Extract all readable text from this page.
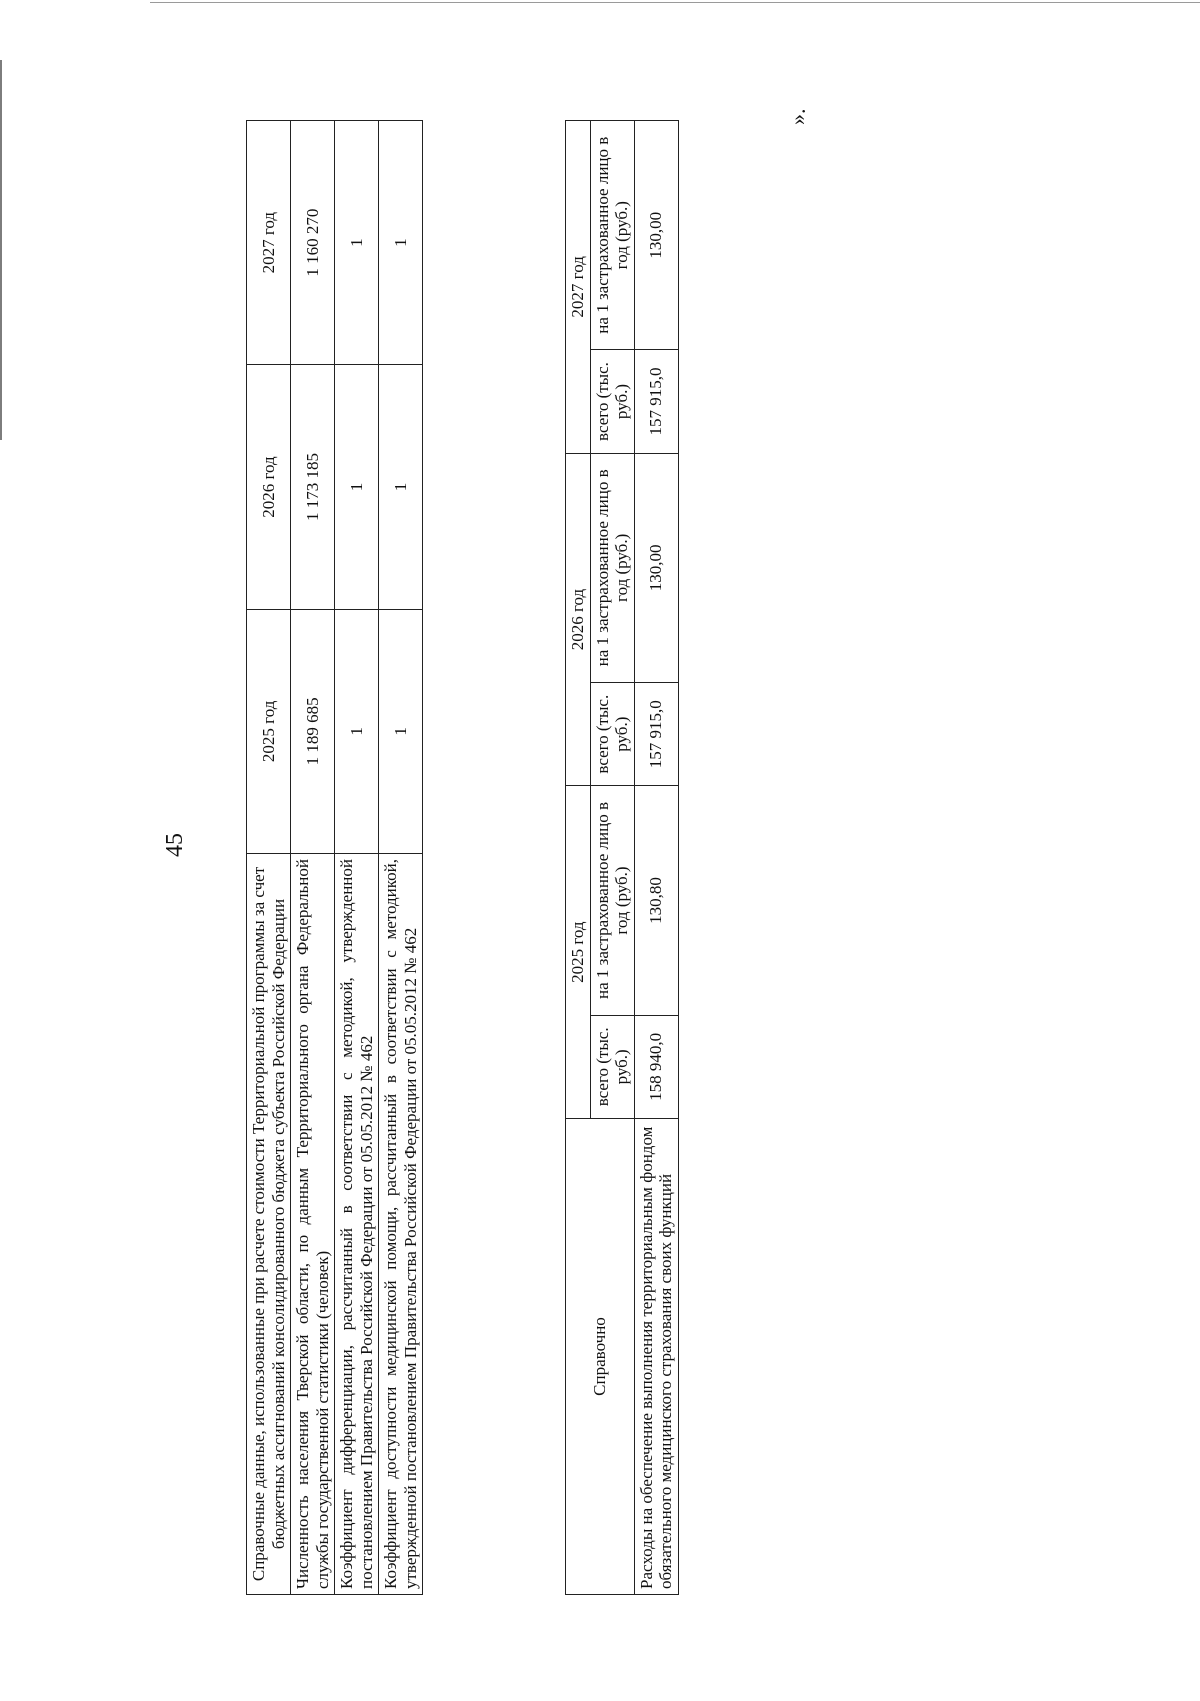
45
Справочные данные, использованные при расчете стоимости Территориальной программы за счет бюджетных ассигнований консолидированного бюджета субъекта Российской Федерации	2025 год	2026 год	2027 год
Численность населения Тверской области, по данным Территориального органа Федеральной службы государственной статистики (человек)	1 189 685	1 173 185	1 160 270
Коэффициент дифференциации, рассчитанный в соответствии с методикой, утвержденной постановлением Правительства Российской Федерации от 05.05.2012 № 462	1	1	1
Коэффициент доступности медицинской помощи, рассчитанный в соответствии с методикой, утвержденной постановлением Правительства Российской Федерации от 05.05.2012 № 462	1	1	1
Справочно	2025 год		2026 год		2027 год	
	всего (тыс. руб.)	на 1 застрахованное лицо в год (руб.)	всего (тыс. руб.)	на 1 застрахованное лицо в год (руб.)	всего (тыс. руб.)	на 1 застрахованное лицо в год (руб.)
Расходы на обеспечение выполнения территориальным фондом обязательного медицинского страхования своих функций	158 940,0	130,80	157 915,0	130,00	157 915,0	130,00
».
